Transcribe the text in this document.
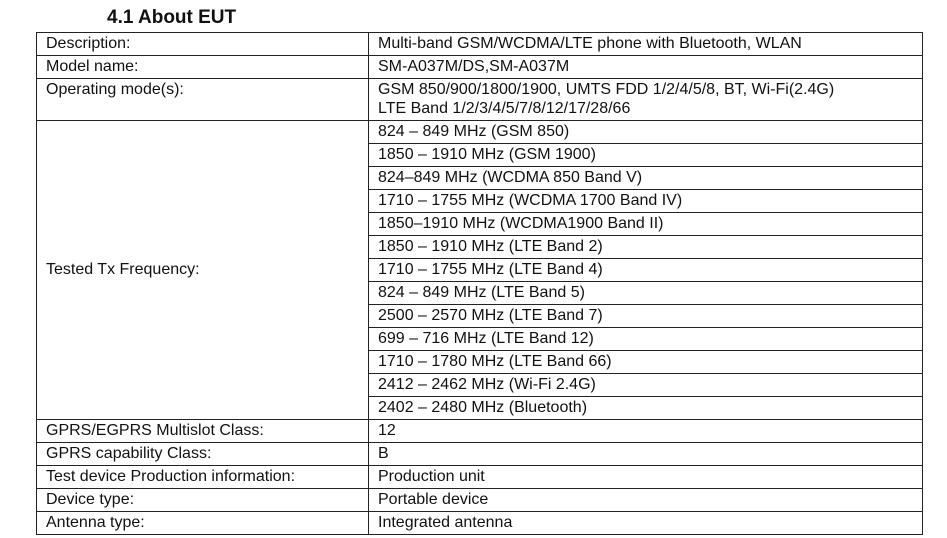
4.1 About EUT
Description:	Multi-band GSM/WCDMA/LTE phone with Bluetooth, WLAN
Model name:	SM-A037M/DS,SM-A037M
Operating mode(s):	GSM 850/900/1800/1900, UMTS FDD 1/2/4/5/8, BT, Wi-Fi(2.4G)
LTE Band 1/2/3/4/5/7/8/12/17/28/66

Tested Tx Frequency:	824 – 849 MHz (GSM 850)
	1850 – 1910 MHz (GSM 1900)
	824–849 MHz (WCDMA 850 Band V)
	1710 – 1755 MHz (WCDMA 1700 Band IV)
	1850–1910 MHz (WCDMA1900 Band II)
	1850 – 1910 MHz (LTE Band 2)
	1710 – 1755 MHz (LTE Band 4)
	824 – 849 MHz (LTE Band 5)
	2500 – 2570 MHz (LTE Band 7)
	699 – 716 MHz (LTE Band 12)
	1710 – 1780 MHz (LTE Band 66)
	2412 – 2462 MHz (Wi-Fi 2.4G)
	2402 – 2480 MHz (Bluetooth)
GPRS/EGPRS Multislot Class:	12
GPRS capability Class:	B
Test device Production information:	Production unit
Device type:	Portable device
Antenna type:	Integrated antenna
